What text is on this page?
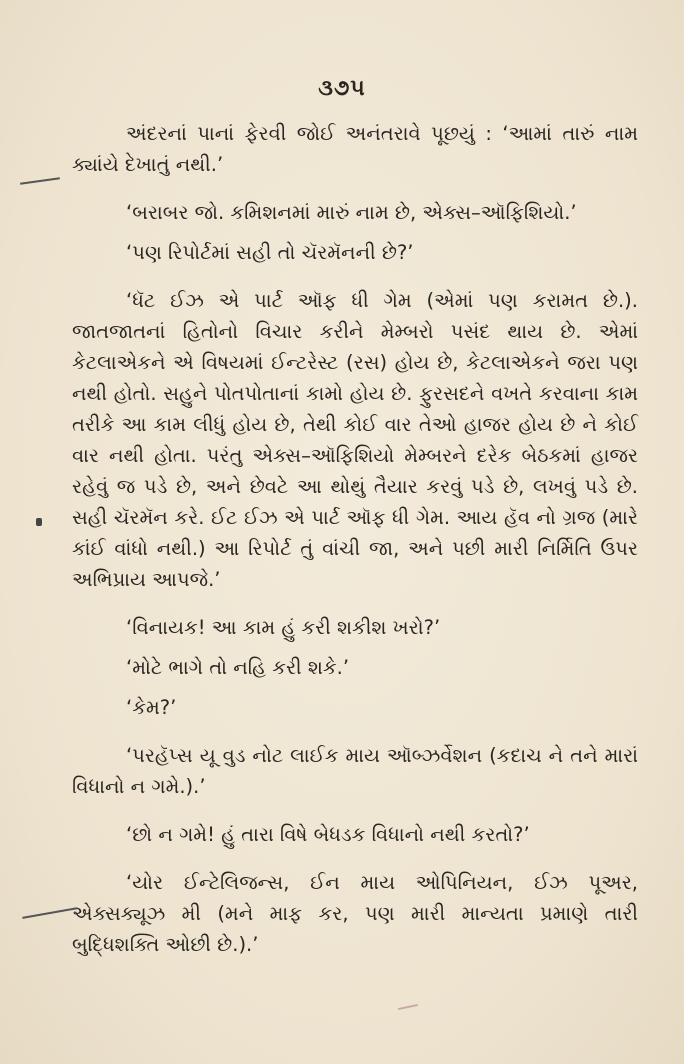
૩૭૫

અંદરનાં પાનાં ફેરવી જોઈ અનંતરાવે પૂછયું : ‘આમાં તારું નામ ક્યાંયે દેખાતું નથી.’

‘બરાબર જો. કમિશનમાં મારું નામ છે, એક્સ–ઑફિશિયો.’

‘પણ રિપોર્ટમાં સહી તો ચૅરમૅનની છે?’

‘ધૅટ ઈઝ એ પાર્ટ ઑફ ધી ગેમ (એમાં પણ કરામત છે.). જાતજાતનાં હિતોનો વિચાર કરીને મેમ્બરો પસંદ થાય છે. એમાં કેટલાએકને એ વિષયમાં ઈન્ટરેસ્ટ (રસ) હોય છે, કેટલાએકને જરા પણ નથી હોતો. સહુને પોતપોતાનાં કામો હોય છે. ફુરસદને વખતે કરવાના કામ તરીકે આ કામ લીધું હોય છે, તેથી કોઈ વાર તેઓ હાજર હોય છે ને કોઈ વાર નથી હોતા. પરંતુ એક્સ–ઑફિશિયો મેમ્બરને દરેક બેઠકમાં હાજર રહેવું જ પડે છે, અને છેવટે આ થોથું તૈયાર કરવું પડે છે, લખવું પડે છે. સહી ચૅરમૅન કરે. ઈટ ઈઝ એ પાર્ટ ઑફ ધી ગેમ. આય હૅવ નો ગ્રજ (મારે કાંઈ વાંધો નથી.) આ રિપોર્ટ તું વાંચી જા, અને પછી મારી નિર્મિતિ ઉપર અભિપ્રાય આપજે.’

‘વિનાયક! આ કામ હું કરી શકીશ ખરો?’

‘મોટે ભાગે તો નહિ કરી શકે.’

‘કેમ?’

‘પરહૅપ્સ યૂ વુડ નોટ લાઈક માય ઑબ્ઝર્વેશન (કદાચ ને તને મારાં વિધાનો ન ગમે.).’

‘છો ન ગમે! હું તારા વિષે બેધડક વિધાનો નથી કરતો?’

‘યોર ઈન્ટેલિજન્સ, ઈન માય ઓપિનિયન, ઈઝ પૂઅર, એક્સક્યૂઝ મી (મને માફ કર, પણ મારી માન્યતા પ્રમાણે તારી બુદ્ધિશક્તિ ઓછી છે.).’
